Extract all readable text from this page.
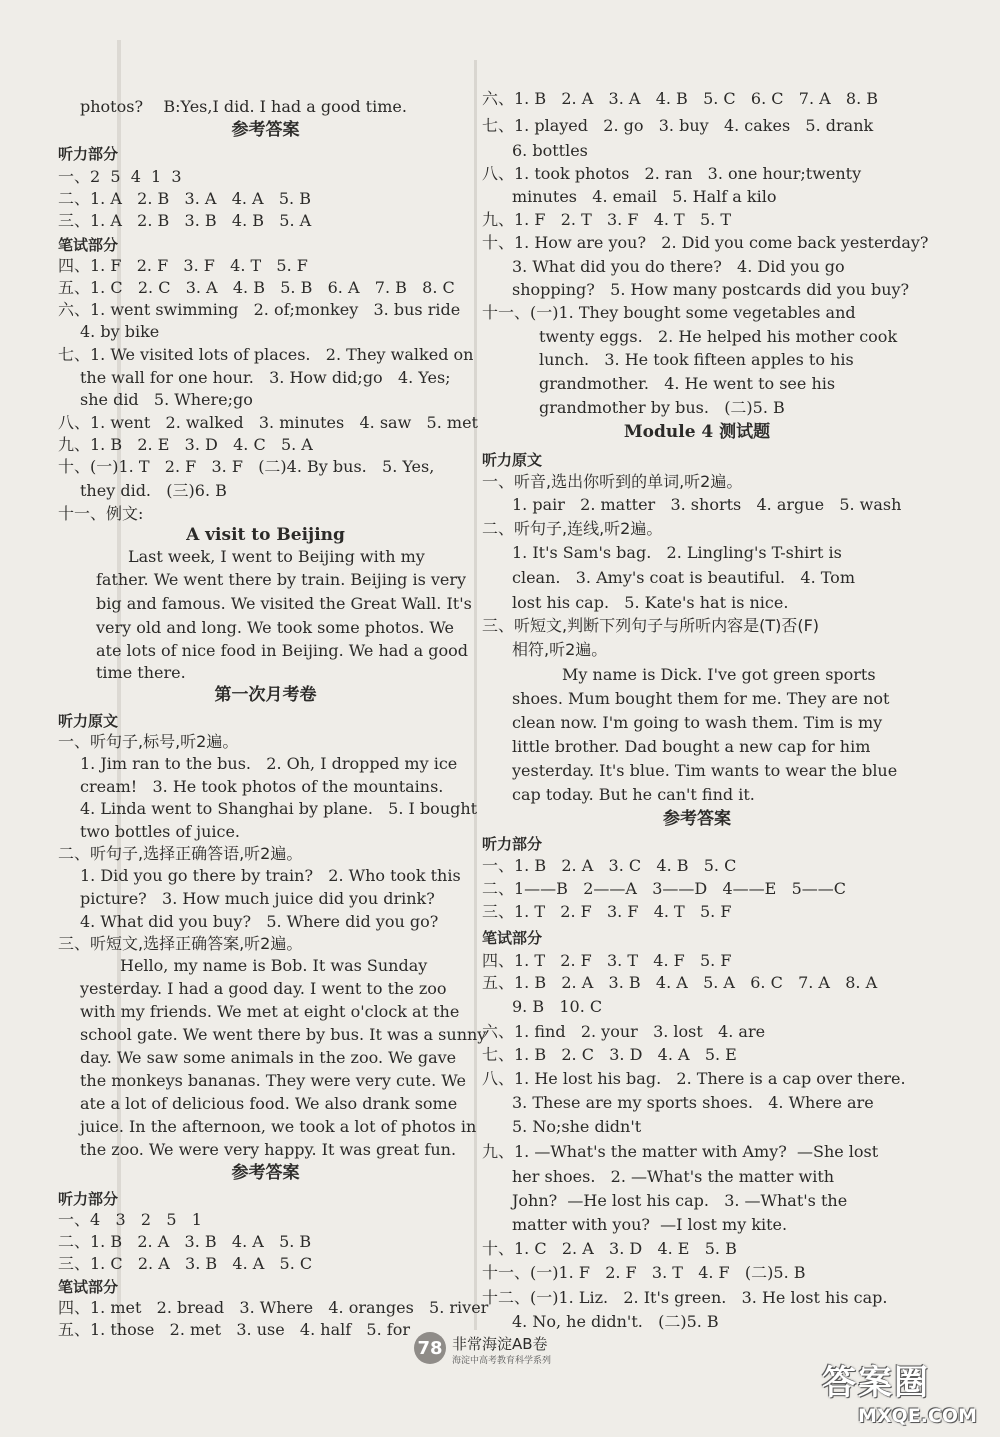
photos?    B:Yes,I did. I had a good time.
参考答案
听力部分
一、2  5  4  1  3
二、1. A   2. B   3. A   4. A   5. B
三、1. A   2. B   3. B   4. B   5. A
笔试部分
四、1. F   2. F   3. F   4. T   5. F
五、1. C   2. C   3. A   4. B   5. B   6. A   7. B   8. C
六、1. went swimming   2. of;monkey   3. bus ride
4. by bike
七、1. We visited lots of places.   2. They walked on
the wall for one hour.   3. How did;go   4. Yes;
she did   5. Where;go
八、1. went   2. walked   3. minutes   4. saw   5. met
九、1. B   2. E   3. D   4. C   5. A
十、(一)1. T   2. F   3. F   (二)4. By bus.   5. Yes,
they did.   (三)6. B
十一、例文:
A visit to Beijing
Last week, I went to Beijing with my
father. We went there by train. Beijing is very
big and famous. We visited the Great Wall. It's
very old and long. We took some photos. We
ate lots of nice food in Beijing. We had a good
time there.
第一次月考卷
听力原文
一、听句子,标号,听2遍。
1. Jim ran to the bus.   2. Oh, I dropped my ice
cream!   3. He took photos of the mountains.
4. Linda went to Shanghai by plane.   5. I bought
two bottles of juice.
二、听句子,选择正确答语,听2遍。
1. Did you go there by train?   2. Who took this
picture?   3. How much juice did you drink?
4. What did you buy?   5. Where did you go?
三、听短文,选择正确答案,听2遍。
Hello, my name is Bob. It was Sunday
yesterday. I had a good day. I went to the zoo
with my friends. We met at eight o'clock at the
school gate. We went there by bus. It was a sunny
day. We saw some animals in the zoo. We gave
the monkeys bananas. They were very cute. We
ate a lot of delicious food. We also drank some
juice. In the afternoon, we took a lot of photos in
the zoo. We were very happy. It was great fun.
参考答案
听力部分
一、4   3   2   5   1
二、1. B   2. A   3. B   4. A   5. B
三、1. C   2. A   3. B   4. A   5. C
笔试部分
四、1. met   2. bread   3. Where   4. oranges   5. river
五、1. those   2. met   3. use   4. half   5. for
六、1. B   2. A   3. A   4. B   5. C   6. C   7. A   8. B
七、1. played   2. go   3. buy   4. cakes   5. drank
6. bottles
八、1. took photos   2. ran   3. one hour;twenty
minutes   4. email   5. Half a kilo
九、1. F   2. T   3. F   4. T   5. T
十、1. How are you?   2. Did you come back yesterday?
3. What did you do there?   4. Did you go
shopping?   5. How many postcards did you buy?
十一、(一)1. They bought some vegetables and
twenty eggs.   2. He helped his mother cook
lunch.   3. He took fifteen apples to his
grandmother.   4. He went to see his
grandmother by bus.   (二)5. B
Module 4 测试题
听力原文
一、听音,选出你听到的单词,听2遍。
1. pair   2. matter   3. shorts   4. argue   5. wash
二、听句子,连线,听2遍。
1. It's Sam's bag.   2. Lingling's T-shirt is
clean.   3. Amy's coat is beautiful.   4. Tom
lost his cap.   5. Kate's hat is nice.
三、听短文,判断下列句子与所听内容是(T)否(F)
相符,听2遍。
My name is Dick. I've got green sports
shoes. Mum bought them for me. They are not
clean now. I'm going to wash them. Tim is my
little brother. Dad bought a new cap for him
yesterday. It's blue. Tim wants to wear the blue
cap today. But he can't find it.
参考答案
听力部分
一、1. B   2. A   3. C   4. B   5. C
二、1——B   2——A   3——D   4——E   5——C
三、1. T   2. F   3. F   4. T   5. F
笔试部分
四、1. T   2. F   3. T   4. F   5. F
五、1. B   2. A   3. B   4. A   5. A   6. C   7. A   8. A
9. B   10. C
六、1. find   2. your   3. lost   4. are
七、1. B   2. C   3. D   4. A   5. E
八、1. He lost his bag.   2. There is a cap over there.
3. These are my sports shoes.   4. Where are
5. No;she didn't
九、1. —What's the matter with Amy?  —She lost
her shoes.   2. —What's the matter with
John?  —He lost his cap.   3. —What's the
matter with you?  —I lost my kite.
十、1. C   2. A   3. D   4. E   5. B
十一、(一)1. F   2. F   3. T   4. F   (二)5. B
十二、(一)1. Liz.   2. It's green.   3. He lost his cap.
4. No, he didn't.   (二)5. B
78 非常海淀AB卷
海淀中高考教育科学系列
答案圈
MXQE.COM
